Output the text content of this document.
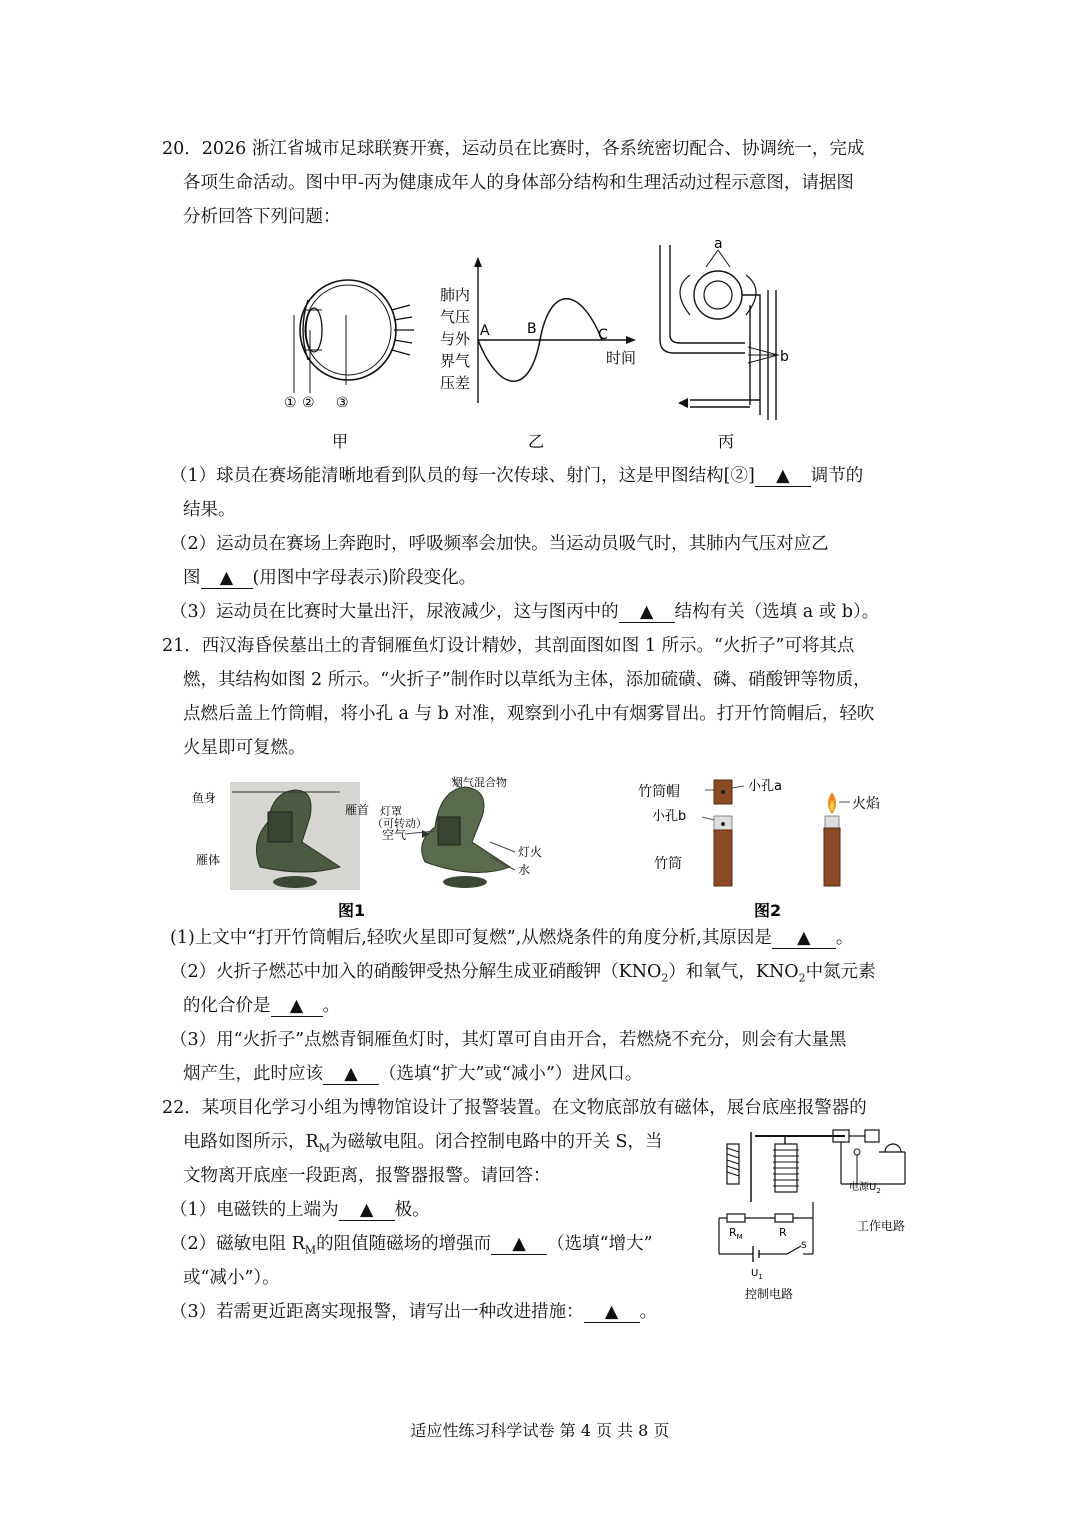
20．2026 浙江省城市足球联赛开赛，运动员在比赛时，各系统密切配合、协调统一，完成
各项生命活动。图中甲-丙为健康成年人的身体部分结构和生理活动过程示意图，请据图
分析回答下列问题：
① ② ③
甲
肺内
气压
与外
界气
压差
A	B	C
时间
乙
a
b
丙
（1）球员在赛场能清晰地看到队员的每一次传球、射门，这是甲图结构[②] ▲ 调节的
结果。
（2）运动员在赛场上奔跑时，呼吸频率会加快。当运动员吸气时，其肺内气压对应乙
图 ▲ (用图中字母表示)阶段变化。
（3）运动员在比赛时大量出汗，尿液减少，这与图丙中的 ▲ 结构有关（选填 a 或 b）。
21．西汉海昏侯墓出土的青铜雁鱼灯设计精妙，其剖面图如图 1 所示。“火折子”可将其点
燃，其结构如图 2 所示。“火折子”制作时以草纸为主体，添加硫磺、磷、硝酸钾等物质，
点燃后盖上竹筒帽，将小孔 a 与 b 对准，观察到小孔中有烟雾冒出。打开竹筒帽后，轻吹
火星即可复燃。
鱼身
雁首
雁体
烟气混合物
灯罩
（可转动）
空气
灯火
水
图1
竹筒帽	小孔a
小孔b
竹筒
火焰
图2
(1)上文中“打开竹筒帽后,轻吹火星即可复燃”,从燃烧条件的角度分析,其原因是 ▲ 。
（2）火折子燃芯中加入的硝酸钾受热分解生成亚硝酸钾$(KNO_2)$和氧气，$KNO_2$中氮元素
的化合价是 ▲ 。
（3）用“火折子”点燃青铜雁鱼灯时，其灯罩可自由开合，若燃烧不充分，则会有大量黑
烟产生，此时应该 ▲ （选填“扩大”或“减小”）进风口。
22．某项目化学习小组为博物馆设计了报警装置。在文物底部放有磁体，展台底座报警器的
电路如图所示，$R_M$为磁敏电阻。闭合控制电路中的开关 S，当
文物离开底座一段距离，报警器报警。请回答：
（1）电磁铁的上端为 ▲ 极。
（2）磁敏电阻 $R_M$的阻值随磁场的增强而 ▲ （选填“增大”
或“减小”）。
（3）若需更近距离实现报警，请写出一种改进措施： ▲ 。
电源$U_2$
工作电路
$R_M$	R
S
$U_1$
控制电路
适应性练习科学试卷 第 4 页 共 8 页
